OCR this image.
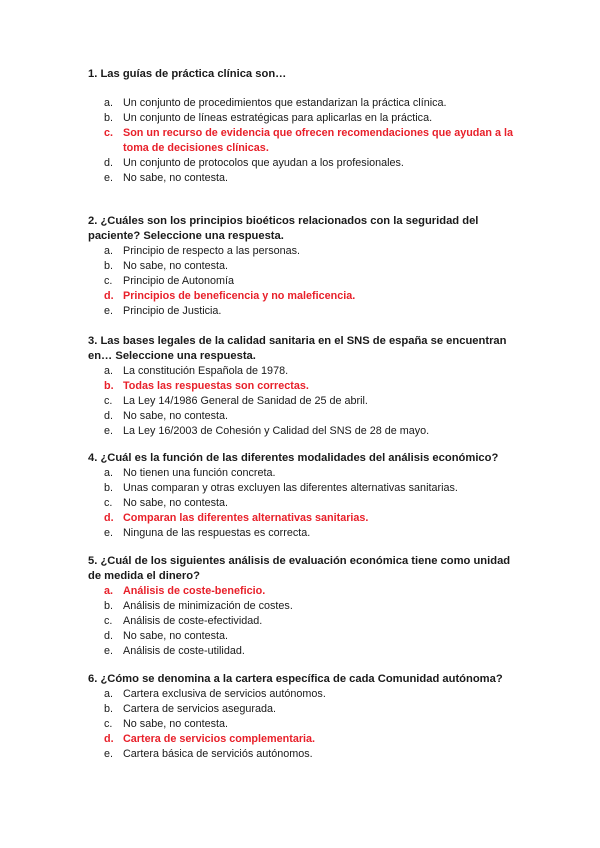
1. Las guías de práctica clínica son…

a. Un conjunto de procedimientos que estandarizan la práctica clínica.
b. Un conjunto de líneas estratégicas para aplicarlas en la práctica.
c. Son un recurso de evidencia que ofrecen recomendaciones que ayudan a la toma de decisiones clínicas.
d. Un conjunto de protocolos que ayudan a los profesionales.
e. No sabe, no contesta.

2. ¿Cuáles son los principios bioéticos relacionados con la seguridad del paciente? Seleccione una respuesta.

a. Principio de respecto a las personas.
b. No sabe, no contesta.
c. Principio de Autonomía
d. Principios de beneficencia y no maleficencia.
e. Principio de Justicia.

3. Las bases legales de la calidad sanitaria en el SNS de españa se encuentran en… Seleccione una respuesta.

a. La constitución Española de 1978.
b. Todas las respuestas son correctas.
c. La Ley 14/1986 General de Sanidad de 25 de abril.
d. No sabe, no contesta.
e. La Ley 16/2003 de Cohesión y Calidad del SNS de 28 de mayo.

4. ¿Cuál es la función de las diferentes modalidades del análisis económico?

a. No tienen una función concreta.
b. Unas comparan y otras excluyen las diferentes alternativas sanitarias.
c. No sabe, no contesta.
d. Comparan las diferentes alternativas sanitarias.
e. Ninguna de las respuestas es correcta.

5. ¿Cuál de los siguientes análisis de evaluación económica tiene como unidad de medida el dinero?

a. Análisis de coste-beneficio.
b. Análisis de minimización de costes.
c. Análisis de coste-efectividad.
d. No sabe, no contesta.
e. Análisis de coste-utilidad.

6. ¿Cómo se denomina a la cartera específica de cada Comunidad autónoma?

a. Cartera exclusiva de servicios autónomos.
b. Cartera de servicios asegurada.
c. No sabe, no contesta.
d. Cartera de servicios complementaria.
e. Cartera básica de serviciós autónomos.
